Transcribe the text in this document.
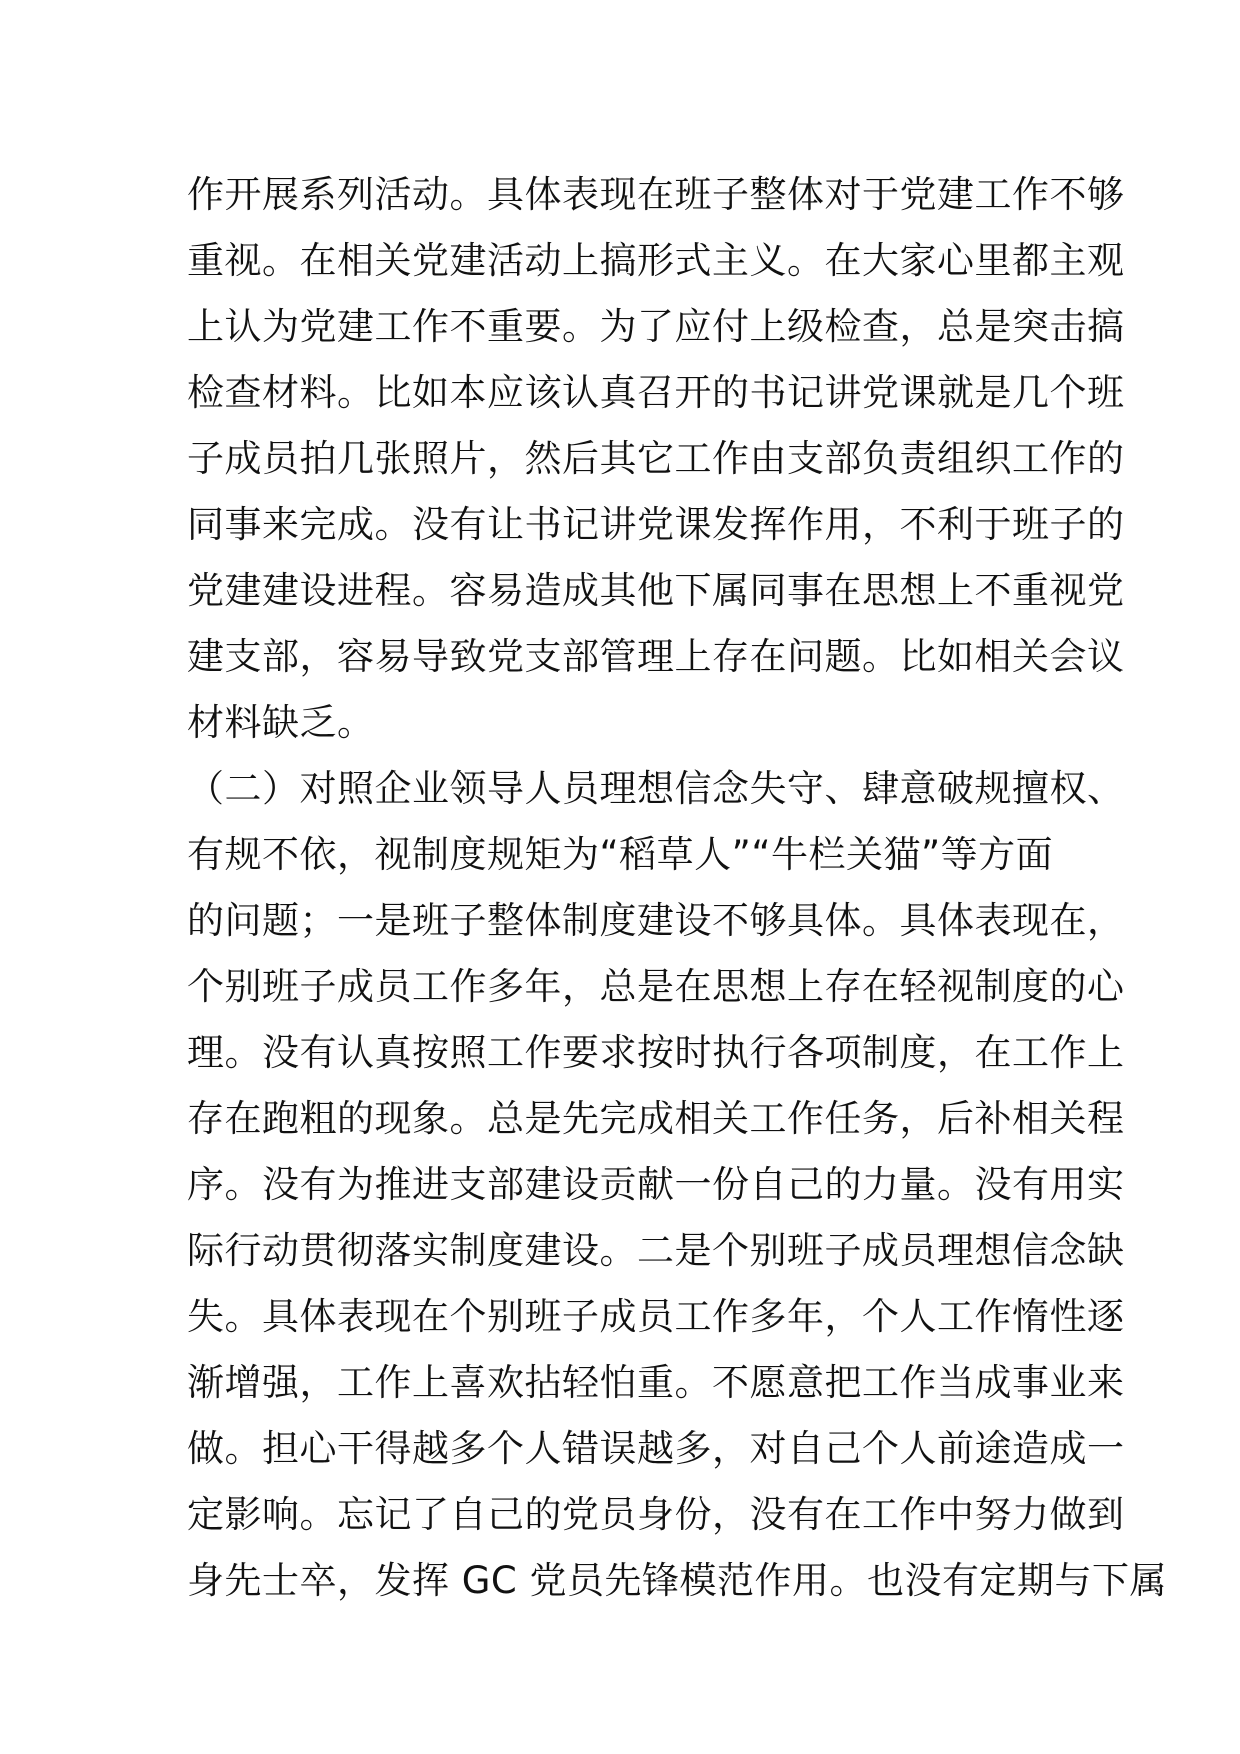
作开展系列活动。具体表现在班子整体对于党建工作不够
重视。在相关党建活动上搞形式主义。在大家心里都主观
上认为党建工作不重要。为了应付上级检查，总是突击搞
检查材料。比如本应该认真召开的书记讲党课就是几个班
子成员拍几张照片，然后其它工作由支部负责组织工作的
同事来完成。没有让书记讲党课发挥作用，不利于班子的
党建建设进程。容易造成其他下属同事在思想上不重视党
建支部，容易导致党支部管理上存在问题。比如相关会议
材料缺乏。
（二）对照企业领导人员理想信念失守、肆意破规擅权、
有规不依，视制度规矩为“稻草人”“牛栏关猫”等方面
的问题；一是班子整体制度建设不够具体。具体表现在，
个别班子成员工作多年，总是在思想上存在轻视制度的心
理。没有认真按照工作要求按时执行各项制度，在工作上
存在跑粗的现象。总是先完成相关工作任务，后补相关程
序。没有为推进支部建设贡献一份自己的力量。没有用实
际行动贯彻落实制度建设。二是个别班子成员理想信念缺
失。具体表现在个别班子成员工作多年，个人工作惰性逐
渐增强，工作上喜欢拈轻怕重。不愿意把工作当成事业来
做。担心干得越多个人错误越多，对自己个人前途造成一
定影响。忘记了自己的党员身份，没有在工作中努力做到
身先士卒，发挥 GC 党员先锋模范作用。也没有定期与下属
